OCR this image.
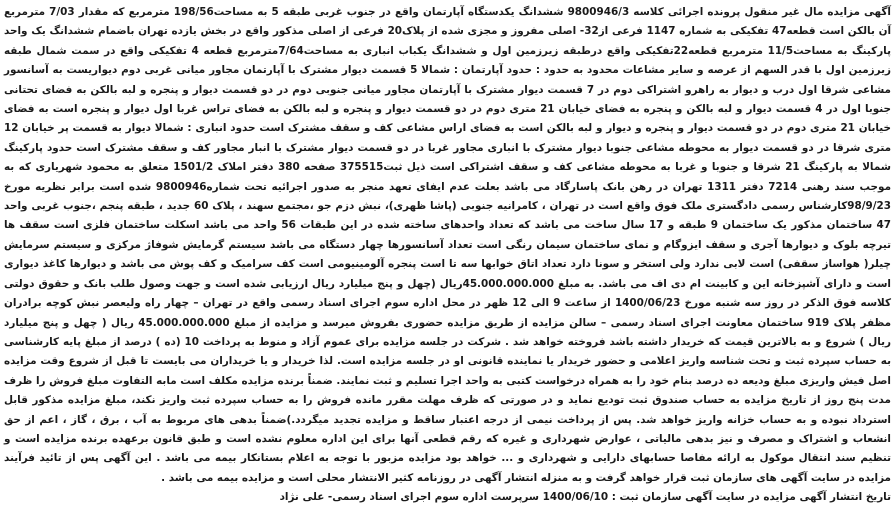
آگهی مزایده مال غیر منقول پرونده اجرائی کلاسه 9800946/3 ششدانگ یکدستگاه آپارتمان واقع در جنوب غربی طبقه 5 به مساحت198/56 مترمربع که مقدار 7/03 مترمربع آن بالکن است قطعه47 تفکیکی به شماره 1147 فرعی از32- اصلی مفروز و مجزی شده از پلاک20 فرعی از اصلی مذکور واقع در بخش یازده تهران باضمام ششدانگ یک واحد پارکینگ به مساحت11/5 مترمربع قطعه22تفکیکی واقع درطبقه زیرزمین اول و ششدانگ یکباب انباری به مساحت7/64مترمربع قطعه 4 تفکیکی واقع در سمت شمال طبقه زیرزمین اول با قدر السهم از عرصه و سایر مشاعات محدود به حدود : حدود آپارتمان : شمالا 5 قسمت دیوار مشترک با آپارتمان مجاور میانی غربی دوم دیواریست به آسانسور مشاعی شرقا اول درب و دیوار به راهرو اشتراکی دوم در 7 قسمت دیوار مشترک با آپارتمان مجاور میانی جنوبی دوم در دو قسمت دیوار و پنجره و لبه بالکن به فضای تحتانی جنوبا اول در 4 قسمت دیوار و لبه بالکن و پنجره به فضای خیابان 21 متری دوم در دو قسمت دیوار و پنجره و لبه بالکن به فضای تراس غربا اول دیوار و پنجره است به فضای خیابان 21 متری دوم در دو قسمت دیوار و پنجره و دیوار و لبه بالکن است به فضای اراس مشاعی کف و سقف مشترک است حدود انباری : شمالا دیوار به قسمت پر خیابان 12 متری شرقا در دو قسمت دیوار به محوطه مشاعی جنوبا دیوار مشترک با انباری مجاور غربا در دو قسمت دیوار مشترک با انبار مجاور کف و سقف مشترک است حدود پارکینگ شمالا به پارکینگ 21 شرقا و جنوبا و غربا به محوطه مشاعی کف و سقف اشتراکی است ذیل ثبت375515 صفحه 380 دفتر املاک 1501/2 متعلق به محمود شهریاری که به موجب سند رهنی 7214 دفتر 1311 تهران در رهن بانک پاسارگاد می باشد بعلت عدم ایفای تعهد منجر به صدور اجرائیه تحت شماره9800946 شده است برابر نظریه مورخ 98/9/23کارشناس رسمی دادگستری ملک فوق واقع است در تهران ، کامرانیه جنوبی (پاشا ظهری)، نبش دزم جو ،مجتمع سهند ، پلاک 60 جدید ، طبقه پنجم ،جنوب غربی واحد 47 ساختمان مذکور یک ساختمان 9 طبقه و 17 سال ساخت می باشد که تعداد واحدهای ساخته شده در این طبقات 56 واحد می باشد اسکلت ساختمان فلزی است سقف ها تیرچه بلوک و دیوارها آجری و سقف ایزوگام و نمای ساختمان سیمان رنگی است تعداد آسانسورها چهار دستگاه می باشد سیستم گرمایش شوفاژ مرکزی و سیستم سرمایش چیلر( هواساز سقفی) است لابی ندارد ولی استخر و سونا دارد تعداد اتاق خوابها سه تا است پنجره آلومینیومی است کف سرامیک و کف پوش می باشد و دیوارها کاغذ دیواری است و دارای آشپزخانه این و کابینت ام دی اف می باشد. به مبلغ 45.000.000.000ریال (چهل و پنج میلیارد ریال ارزیابی شده است و جهت وصول طلب بانک و حقوق دولتی کلاسه فوق الذکر در روز سه شنبه مورخ 1400/06/23 از ساعت 9 الی 12 ظهر در محل اداره سوم اجرای اسناد رسمی واقع در تهران – چهار راه ولیعصر نبش کوچه برادران مظفر پلاک 919 ساختمان معاونت اجرای اسناد رسمی – سالن مزایده از طریق مزایده حضوری بفروش میرسد و مزایده از مبلغ 45.000.000.000 ریال ( چهل و پنج میلیارد ریال ) شروع و به بالاترین قیمت که خریدار داشته باشد فروخته خواهد شد . شرکت در جلسه مزایده برای عموم آزاد و منوط به پرداخت 10 (ده ) درصد از مبلغ پایه کارشناسی به حساب سپرده ثبت و تحت شناسه واریز اعلامی و حضور خریدار یا نماینده قانونی او در جلسه مزایده است. لذا خریدار و یا خریداران می بایست تا قبل از شروع وقت مزایده اصل فیش واریزی مبلغ ودیعه ده درصد بنام خود را به همراه درخواست کتبی به واحد اجرا تسلیم و ثبت نمایند. ضمناً برنده مزایده مکلف است مابه التفاوت مبلغ فروش را ظرف مدت پنج روز از تاریخ مزایده به حساب صندوق ثبت تودیع نماید و در صورتی که ظرف مهلت مقرر مانده فروش را به حساب سپرده ثبت واریز نکند، مبلغ مزایده مذکور قابل استرداد نبوده و به حساب خزانه واریز خواهد شد. پس از پرداخت نیمی از درجه اعتبار ساقط و مزایده تجدید میگردد.)ضمناً بدهی های مربوط به آب ، برق ، گاز ، اعم از حق انشعاب و اشتراک و مصرف و نیز بدهی مالیاتی ، عوارض شهرداری و غیره که رقم قطعی آنها برای این اداره معلوم نشده است و طبق قانون برعهده برنده مزایده است و تنظیم سند انتقال موکول به ارائه مفاصا حسابهای دارایی و شهرداری و ... خواهد بود مزایده مزبور با توجه به اعلام بستانکار بیمه می باشد . این آگهی پس از تائید فرآیند مزایده در سایت آگهی های سازمان ثبت قرار خواهد گرفت و به منزله انتشار آگهی در روزنامه کثیر الانتشار محلی است و مزایده بیمه می باشد .

تاریخ انتشار آگهی مزایده در سایت آگهی سازمان ثبت : 1400/06/10 سرپرست اداره سوم اجرای اسناد رسمی- علی نژاد
